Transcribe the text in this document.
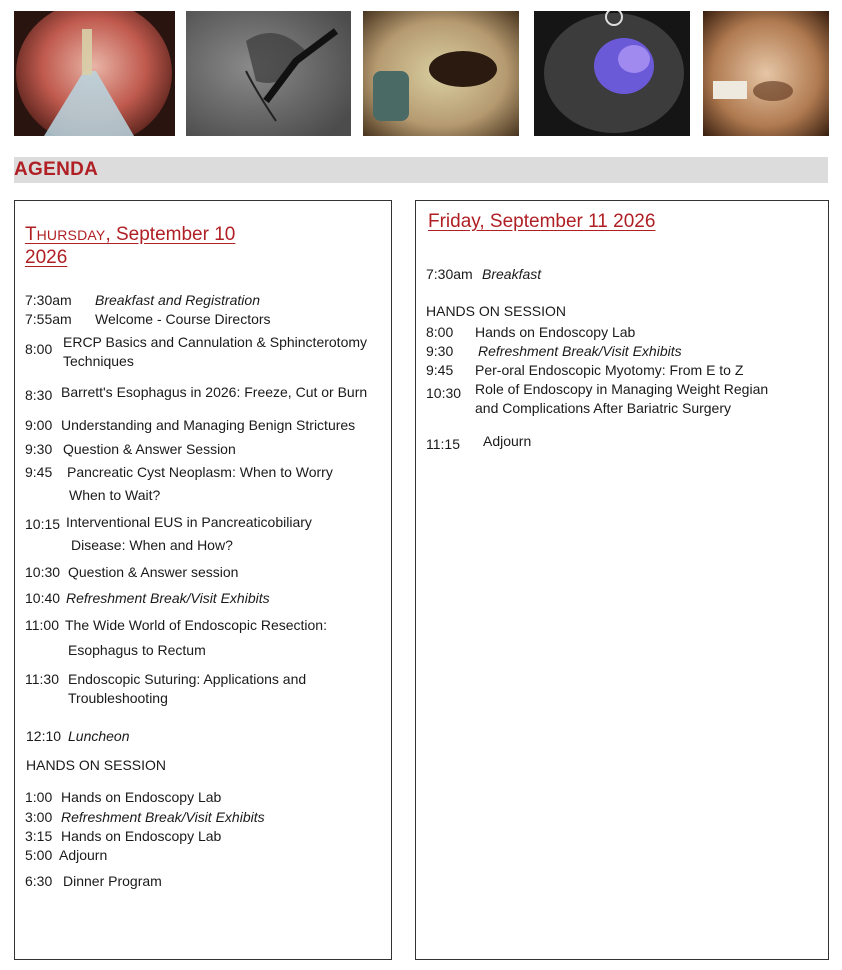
AGENDA
THURSDAY, September 10
2026
7:30am Breakfast and Registration
7:55am Welcome - Course Directors
8:00 ERCP Basics and Cannulation & Sphincterotomy
Techniques
8:30 Barrett's Esophagus in 2026: Freeze, Cut or Burn
9:00 Understanding and Managing Benign Strictures
9:30 Question & Answer Session
9:45 Pancreatic Cyst Neoplasm: When to Worry
When to Wait?
10:15 Interventional EUS in Pancreaticobiliary
Disease: When and How?
10:30 Question & Answer session
10:40 Refreshment Break/Visit Exhibits
11:00 The Wide World of Endoscopic Resection:
Esophagus to Rectum
11:30 Endoscopic Suturing: Applications and
Troubleshooting
12:10 Luncheon
HANDS ON SESSION
1:00 Hands on Endoscopy Lab
3:00 Refreshment Break/Visit Exhibits
3:15 Hands on Endoscopy Lab
5:00 Adjourn
6:30 Dinner Program
Friday, September 11 2026
7:30am Breakfast
HANDS ON SESSION
8:00 Hands on Endoscopy Lab
9:30 Refreshment Break/Visit Exhibits
9:45 Per-oral Endoscopic Myotomy: From E to Z
10:30 Role of Endoscopy in Managing Weight Regian
and Complications After Bariatric Surgery
11:15 Adjourn
